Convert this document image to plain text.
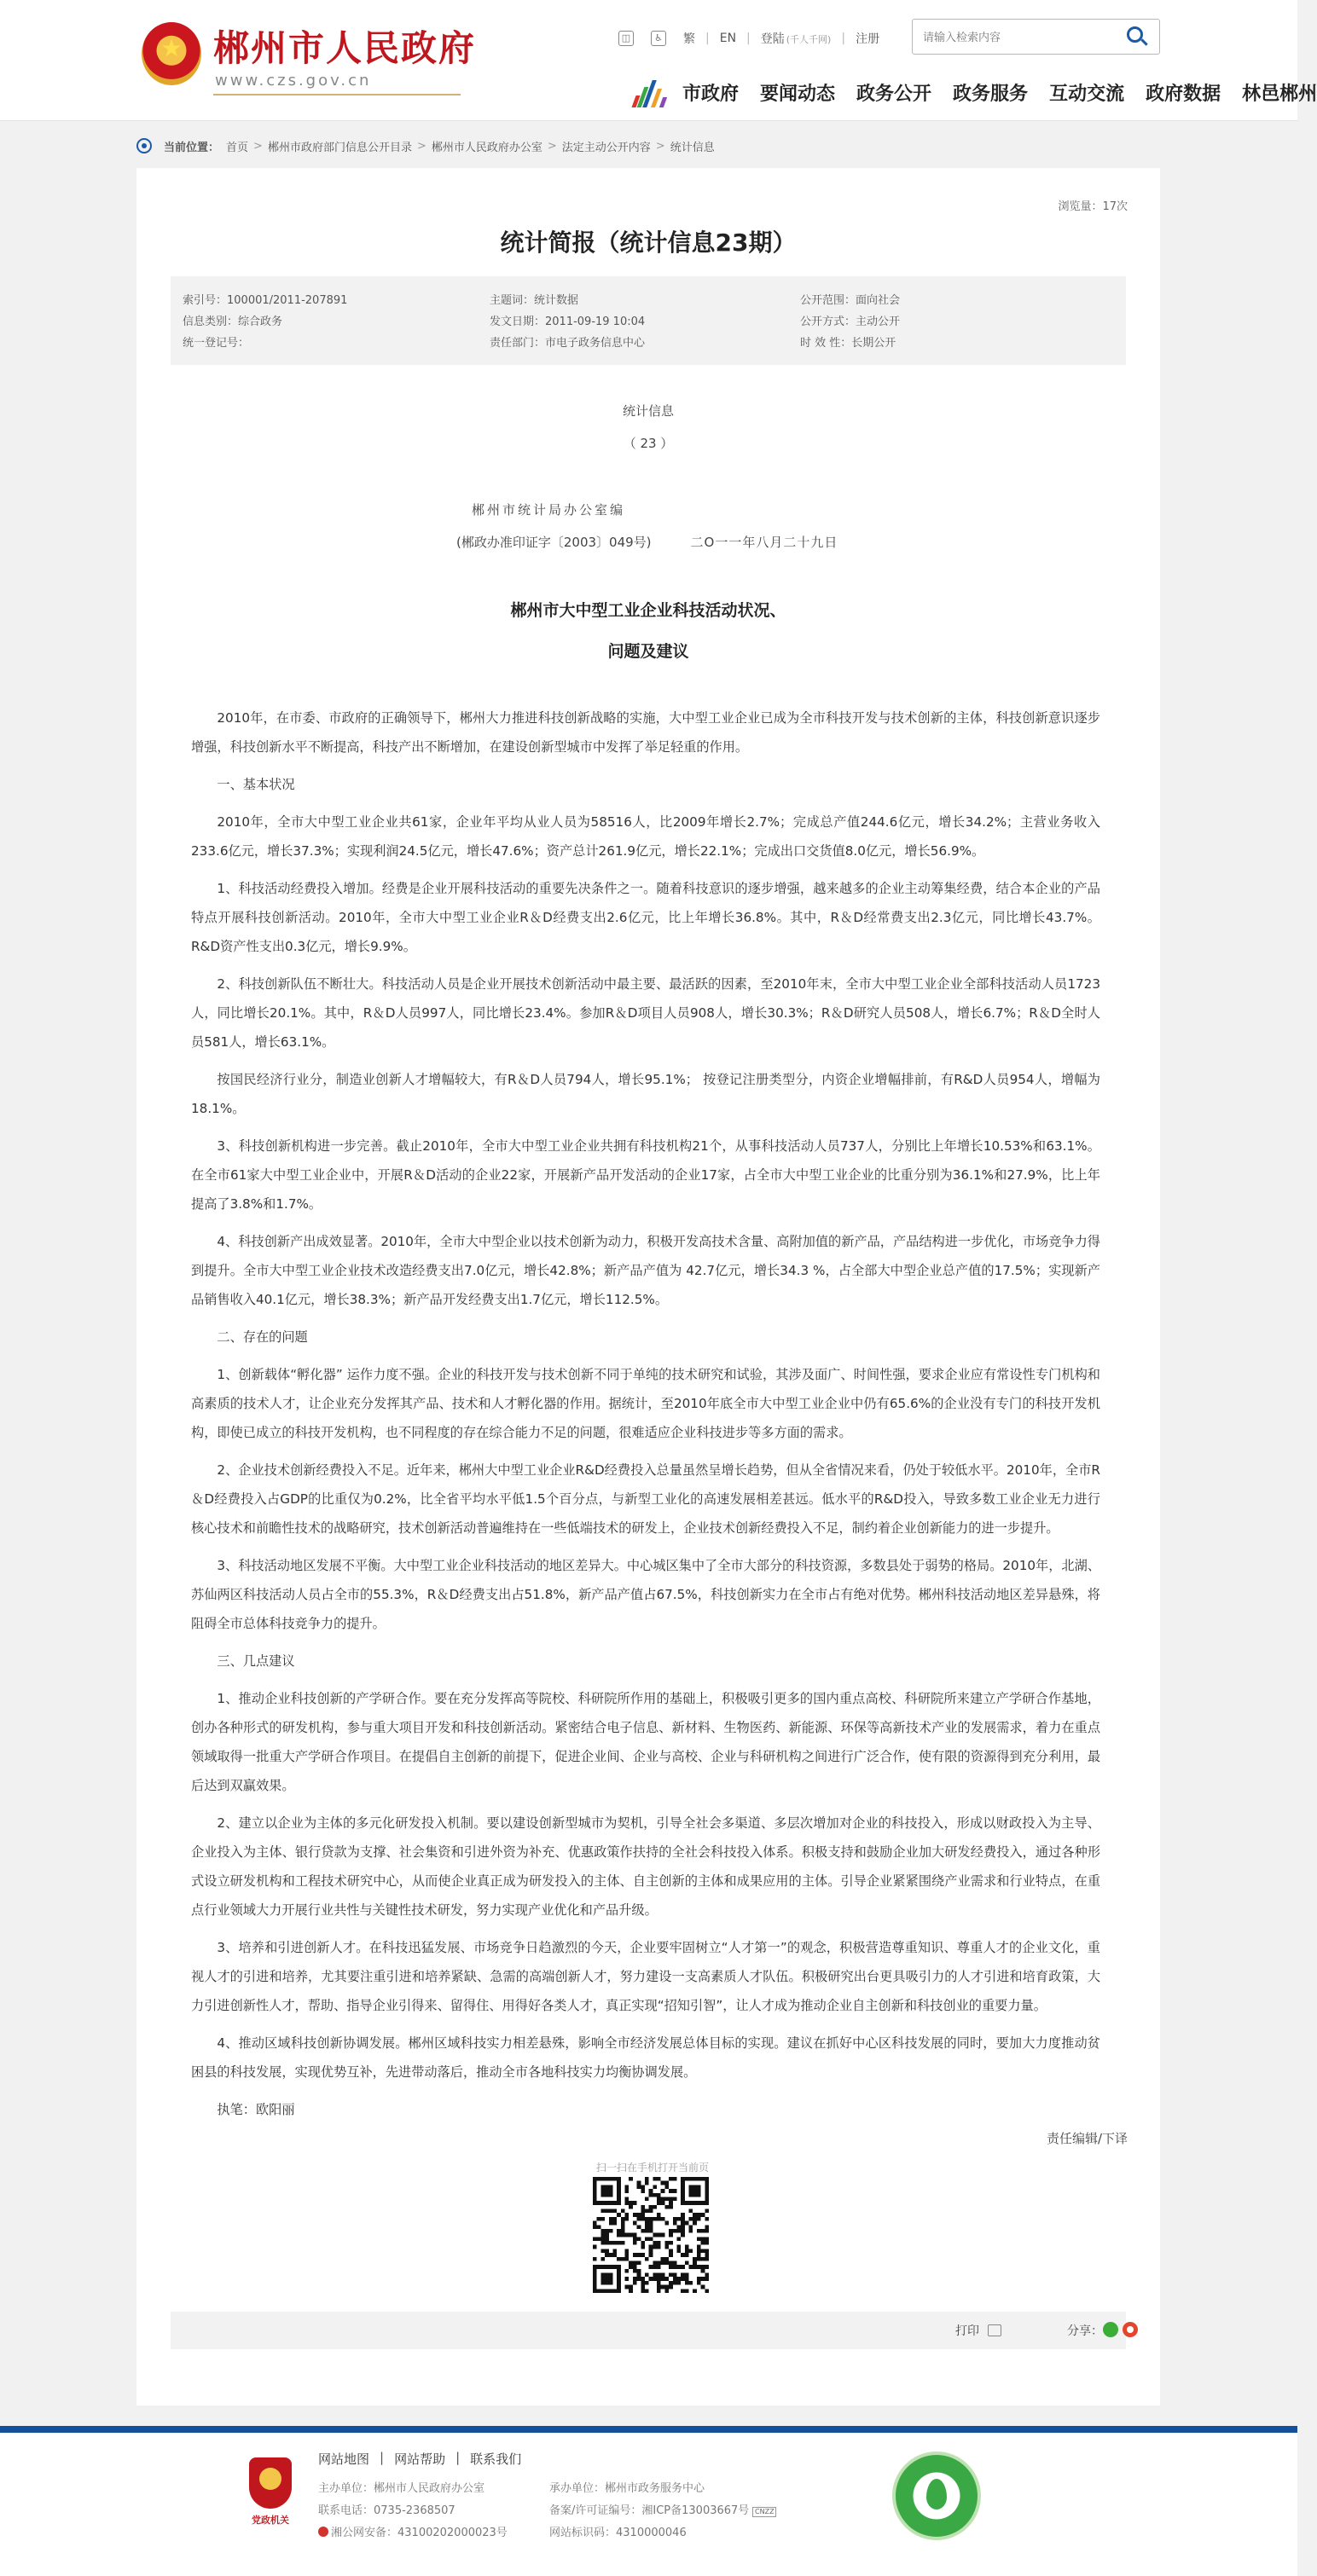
★ 郴州市人民政府
www.czs.gov.cn
◫	♿ 繁 | EN | 登陆 (千人千网) | 注册
请输入检索内容
市政府 要闻动态 政务公开 政务服务 互动交流 政府数据 林邑郴州
当前位置： 首页 > 郴州市政府部门信息公开目录 > 郴州市人民政府办公室 > 法定主动公开内容 > 统计信息
浏览量：17次
统计简报（统计信息23期）
索引号：100001/2011-207891	主题词：统计数据	公开范围：面向社会
信息类别：综合政务	发文日期：2011-09-19 10:04	公开方式：主动公开
统一登记号：	责任部门：市电子政务信息中心	时 效 性：长期公开
统计信息
（ 23 ）
郴州市统计局办公室编
(郴政办准印证字〔2003〕049号)	二O一一年八月二十九日
郴州市大中型工业企业科技活动状况、
问题及建议

2010年，在市委、市政府的正确领导下，郴州大力推进科技创新战略的实施，大中型工业企业已成为全市科技开发与技术创新的主体，科技创新意识逐步增强，科技创新水平不断提高，科技产出不断增加，在建设创新型城市中发挥了举足轻重的作用。

一、基本状况

2010年，全市大中型工业企业共61家，企业年平均从业人员为58516人，比2009年增长2.7%；完成总产值244.6亿元，增长34.2%；主营业务收入233.6亿元，增长37.3%；实现利润24.5亿元，增长47.6%；资产总计261.9亿元，增长22.1%；完成出口交货值8.0亿元，增长56.9%。

1、科技活动经费投入增加。经费是企业开展科技活动的重要先决条件之一。随着科技意识的逐步增强，越来越多的企业主动筹集经费，结合本企业的产品特点开展科技创新活动。2010年，全市大中型工业企业R＆D经费支出2.6亿元，比上年增长36.8%。其中，R＆D经常费支出2.3亿元，同比增长43.7%。R&D资产性支出0.3亿元，增长9.9%。

2、科技创新队伍不断壮大。科技活动人员是企业开展技术创新活动中最主要、最活跃的因素，至2010年末，全市大中型工业企业全部科技活动人员1723人，同比增长20.1%。其中，R＆D人员997人，同比增长23.4%。参加R＆D项目人员908人，增长30.3%；R＆D研究人员508人，增长6.7%；R＆D全时人员581人，增长63.1%。

按国民经济行业分，制造业创新人才增幅较大，有R＆D人员794人，增长95.1%； 按登记注册类型分，内资企业增幅排前，有R&D人员954人，增幅为18.1%。

3、科技创新机构进一步完善。截止2010年，全市大中型工业企业共拥有科技机构21个，从事科技活动人员737人，分别比上年增长10.53%和63.1%。在全市61家大中型工业企业中，开展R＆D活动的企业22家，开展新产品开发活动的企业17家，占全市大中型工业企业的比重分别为36.1%和27.9%，比上年提高了3.8%和1.7%。

4、科技创新产出成效显著。2010年，全市大中型企业以技术创新为动力，积极开发高技术含量、高附加值的新产品，产品结构进一步优化，市场竞争力得到提升。全市大中型工业企业技术改造经费支出7.0亿元，增长42.8%；新产品产值为 42.7亿元，增长34.3 %，占全部大中型企业总产值的17.5%；实现新产品销售收入40.1亿元，增长38.3%；新产品开发经费支出1.7亿元，增长112.5%。

二、存在的问题

1、创新载体“孵化器” 运作力度不强。企业的科技开发与技术创新不同于单纯的技术研究和试验，其涉及面广、时间性强，要求企业应有常设性专门机构和高素质的技术人才，让企业充分发挥其产品、技术和人才孵化器的作用。据统计，至2010年底全市大中型工业企业中仍有65.6%的企业没有专门的科技开发机构，即使已成立的科技开发机构，也不同程度的存在综合能力不足的问题，很难适应企业科技进步等多方面的需求。

2、企业技术创新经费投入不足。近年来，郴州大中型工业企业R&D经费投入总量虽然呈增长趋势，但从全省情况来看，仍处于较低水平。2010年，全市R＆D经费投入占GDP的比重仅为0.2%，比全省平均水平低1.5个百分点，与新型工业化的高速发展相差甚远。低水平的R&D投入，导致多数工业企业无力进行核心技术和前瞻性技术的战略研究，技术创新活动普遍维持在一些低端技术的研发上，企业技术创新经费投入不足，制约着企业创新能力的进一步提升。

3、科技活动地区发展不平衡。大中型工业企业科技活动的地区差异大。中心城区集中了全市大部分的科技资源，多数县处于弱势的格局。2010年，北湖、苏仙两区科技活动人员占全市的55.3%，R＆D经费支出占51.8%，新产品产值占67.5%，科技创新实力在全市占有绝对优势。郴州科技活动地区差异悬殊，将阻碍全市总体科技竞争力的提升。

三、几点建议

1、推动企业科技创新的产学研合作。要在充分发挥高等院校、科研院所作用的基础上，积极吸引更多的国内重点高校、科研院所来建立产学研合作基地，创办各种形式的研发机构，参与重大项目开发和科技创新活动。紧密结合电子信息、新材料、生物医药、新能源、环保等高新技术产业的发展需求，着力在重点领域取得一批重大产学研合作项目。在提倡自主创新的前提下，促进企业间、企业与高校、企业与科研机构之间进行广泛合作，使有限的资源得到充分利用，最后达到双赢效果。

2、建立以企业为主体的多元化研发投入机制。要以建设创新型城市为契机，引导全社会多渠道、多层次增加对企业的科技投入，形成以财政投入为主导、企业投入为主体、银行贷款为支撑、社会集资和引进外资为补充、优惠政策作扶持的全社会科技投入体系。积极支持和鼓励企业加大研发经费投入，通过各种形式设立研发机构和工程技术研究中心，从而使企业真正成为研发投入的主体、自主创新的主体和成果应用的主体。引导企业紧紧围绕产业需求和行业特点，在重点行业领域大力开展行业共性与关键性技术研发，努力实现产业优化和产品升级。

3、培养和引进创新人才。在科技迅猛发展、市场竞争日趋激烈的今天，企业要牢固树立“人才第一”的观念，积极营造尊重知识、尊重人才的企业文化，重视人才的引进和培养，尤其要注重引进和培养紧缺、急需的高端创新人才，努力建设一支高素质人才队伍。积极研究出台更具吸引力的人才引进和培育政策，大力引进创新性人才，帮助、指导企业引得来、留得住、用得好各类人才，真正实现“招知引智”，让人才成为推动企业自主创新和科技创业的重要力量。

4、推动区域科技创新协调发展。郴州区域科技实力相差悬殊，影响全市经济发展总体目标的实现。建议在抓好中心区科技发展的同时，要加大力度推动贫困县的科技发展，实现优势互补，先进带动落后，推动全市各地科技实力均衡协调发展。

执笔：欧阳丽

责任编辑/下译
扫一扫在手机打开当前页
打印	分享：
党政机关
网站地图 | 网站帮助 | 联系我们
主办单位：郴州市人民政府办公室	承办单位：郴州市政务服务中心
联系电话：0735-2368507	备案/许可证编号：湘ICP备13003667号 CNZZ
湘公网安备：43100202000023号	网站标识码：4310000046
